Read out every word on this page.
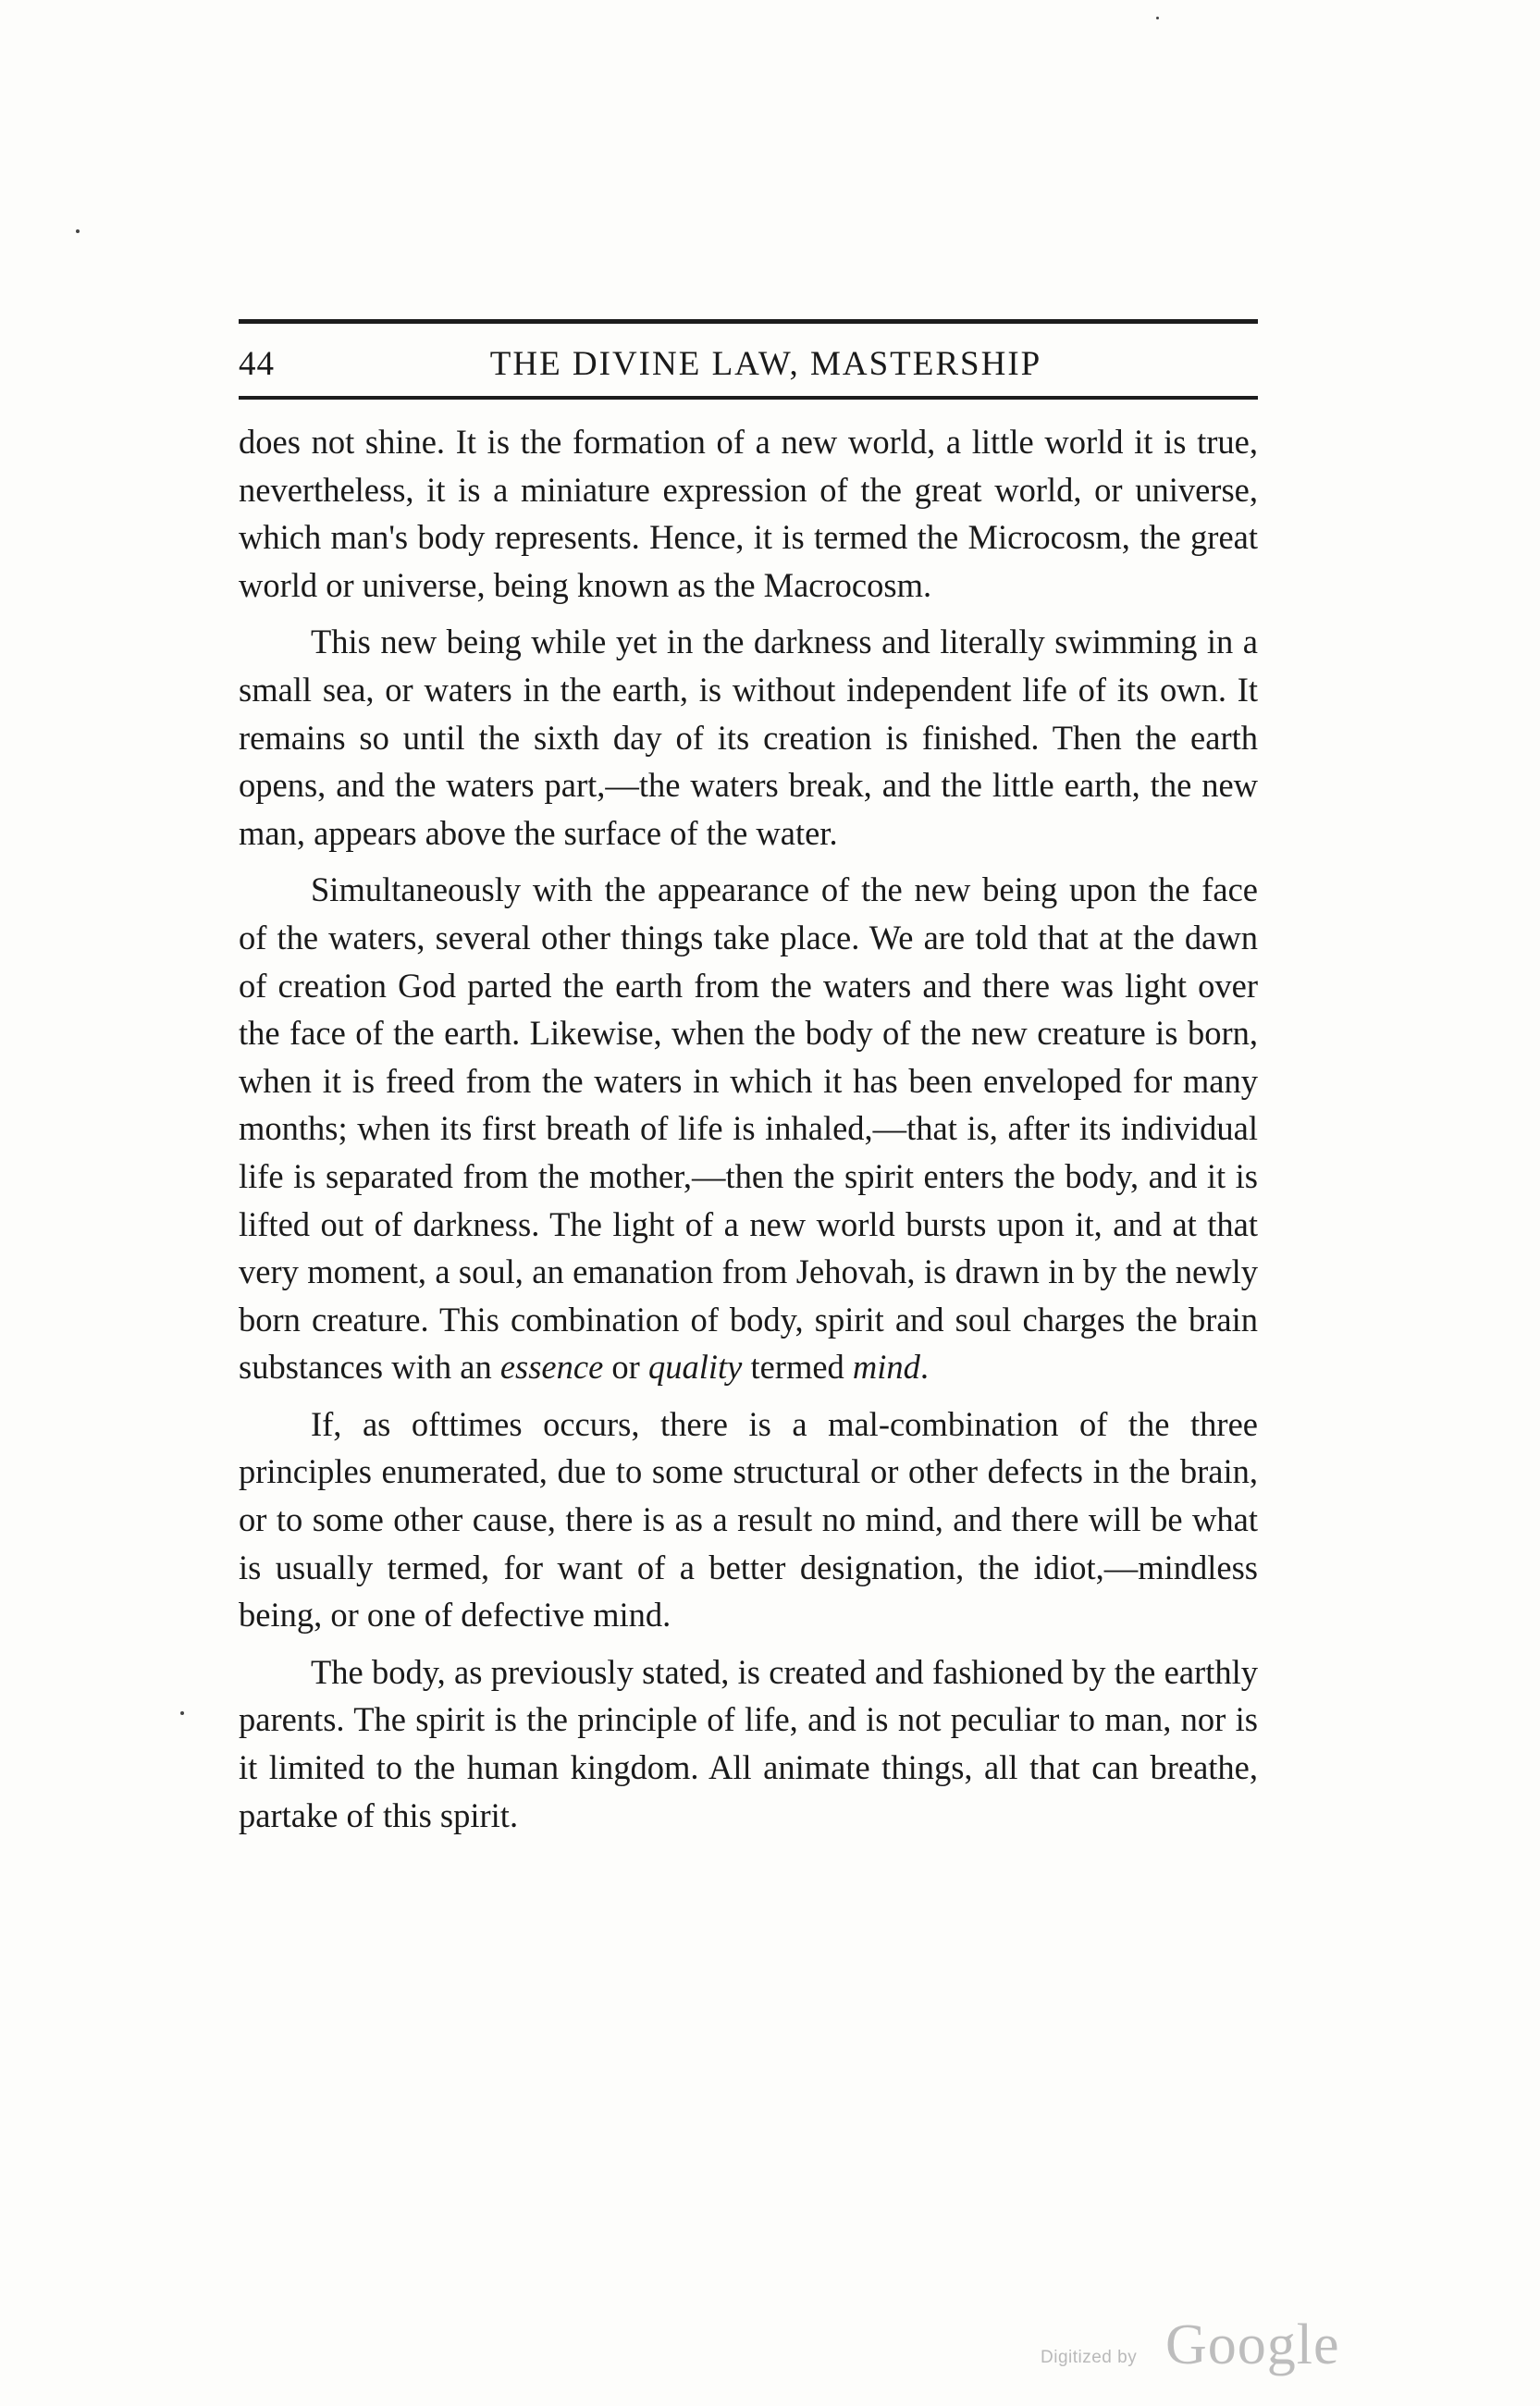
44	THE DIVINE LAW, MASTERSHIP

does not shine. It is the formation of a new world, a little world it is true, nevertheless, it is a miniature expression of the great world, or universe, which man's body represents. Hence, it is termed the Microcosm, the great world or universe, being known as the Macrocosm.

This new being while yet in the darkness and literally swimming in a small sea, or waters in the earth, is without independent life of its own. It remains so until the sixth day of its creation is finished. Then the earth opens, and the waters part,—the waters break, and the little earth, the new man, appears above the surface of the water.

Simultaneously with the appearance of the new being upon the face of the waters, several other things take place. We are told that at the dawn of creation God parted the earth from the waters and there was light over the face of the earth. Likewise, when the body of the new creature is born, when it is freed from the waters in which it has been enveloped for many months; when its first breath of life is inhaled,—that is, after its individual life is separated from the mother,—then the spirit enters the body, and it is lifted out of darkness. The light of a new world bursts upon it, and at that very moment, a soul, an emanation from Jehovah, is drawn in by the newly born creature. This combination of body, spirit and soul charges the brain substances with an essence or quality termed mind.

If, as ofttimes occurs, there is a mal-combination of the three principles enumerated, due to some structural or other defects in the brain, or to some other cause, there is as a result no mind, and there will be what is usually termed, for want of a better designation, the idiot,—mindless being, or one of defective mind.

The body, as previously stated, is created and fashioned by the earthly parents. The spirit is the principle of life, and is not peculiar to man, nor is it limited to the human kingdom. All animate things, all that can breathe, partake of this spirit.

Digitized by Google
